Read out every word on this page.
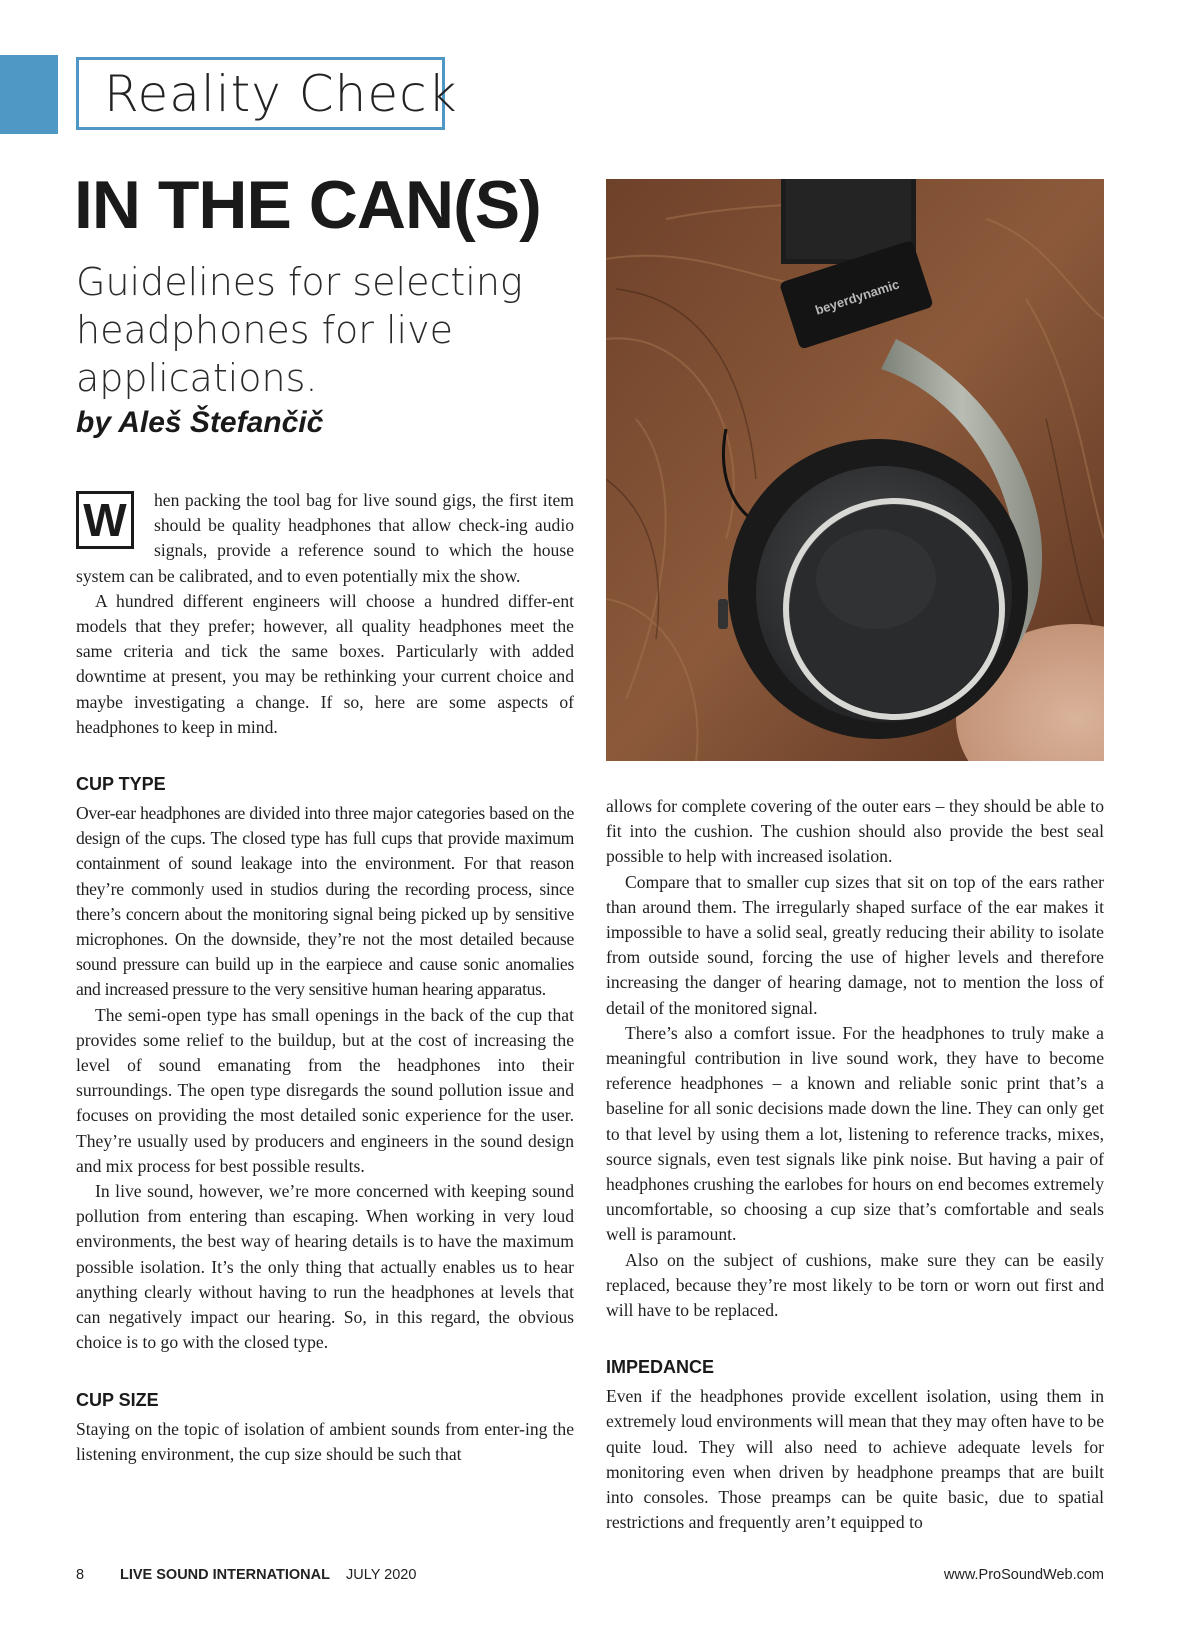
Reality Check
IN THE CAN(S)

Guidelines for selecting headphones for live applications.

by Aleš Štefančič

beyerdynamic

W	hen packing the tool bag for live sound gigs, the first item should be quality headphones that allow check-ing audio signals, provide a reference sound to which the house system can be calibrated, and to even potentially mix the show.

A hundred different engineers will choose a hundred differ-ent models that they prefer; however, all quality headphones meet the same criteria and tick the same boxes. Particularly with added downtime at present, you may be rethinking your current choice and maybe investigating a change. If so, here are some aspects of headphones to keep in mind.

CUP TYPE

Over-ear headphones are divided into three major categories based on the design of the cups. The closed type has full cups that provide maximum containment of sound leakage into the environment. For that reason they’re commonly used in studios during the recording process, since there’s concern about the monitoring signal being picked up by sensitive microphones. On the downside, they’re not the most detailed because sound pressure can build up in the earpiece and cause sonic anomalies and increased pressure to the very sensitive human hearing apparatus.

The semi-open type has small openings in the back of the cup that provides some relief to the buildup, but at the cost of increasing the level of sound emanating from the headphones into their surroundings. The open type disregards the sound pollution issue and focuses on providing the most detailed sonic experience for the user. They’re usually used by producers and engineers in the sound design and mix process for best possible results.

In live sound, however, we’re more concerned with keeping sound pollution from entering than escaping. When working in very loud environments, the best way of hearing details is to have the maximum possible isolation. It’s the only thing that actually enables us to hear anything clearly without having to run the headphones at levels that can negatively impact our hearing. So, in this regard, the obvious choice is to go with the closed type.

CUP SIZE

Staying on the topic of isolation of ambient sounds from enter-ing the listening environment, the cup size should be such that

allows for complete covering of the outer ears – they should be able to fit into the cushion. The cushion should also provide the best seal possible to help with increased isolation.

Compare that to smaller cup sizes that sit on top of the ears rather than around them. The irregularly shaped surface of the ear makes it impossible to have a solid seal, greatly reducing their ability to isolate from outside sound, forcing the use of higher levels and therefore increasing the danger of hearing damage, not to mention the loss of detail of the monitored signal.

There’s also a comfort issue. For the headphones to truly make a meaningful contribution in live sound work, they have to become reference headphones – a known and reliable sonic print that’s a baseline for all sonic decisions made down the line. They can only get to that level by using them a lot, listening to reference tracks, mixes, source signals, even test signals like pink noise. But having a pair of headphones crushing the earlobes for hours on end becomes extremely uncomfortable, so choosing a cup size that’s comfortable and seals well is paramount.

Also on the subject of cushions, make sure they can be easily replaced, because they’re most likely to be torn or worn out first and will have to be replaced.

IMPEDANCE

Even if the headphones provide excellent isolation, using them in extremely loud environments will mean that they may often have to be quite loud. They will also need to achieve adequate levels for monitoring even when driven by headphone preamps that are built into consoles. Those preamps can be quite basic, due to spatial restrictions and frequently aren’t equipped to

8 LIVE SOUND INTERNATIONAL JULY 2020	www.ProSoundWeb.com
